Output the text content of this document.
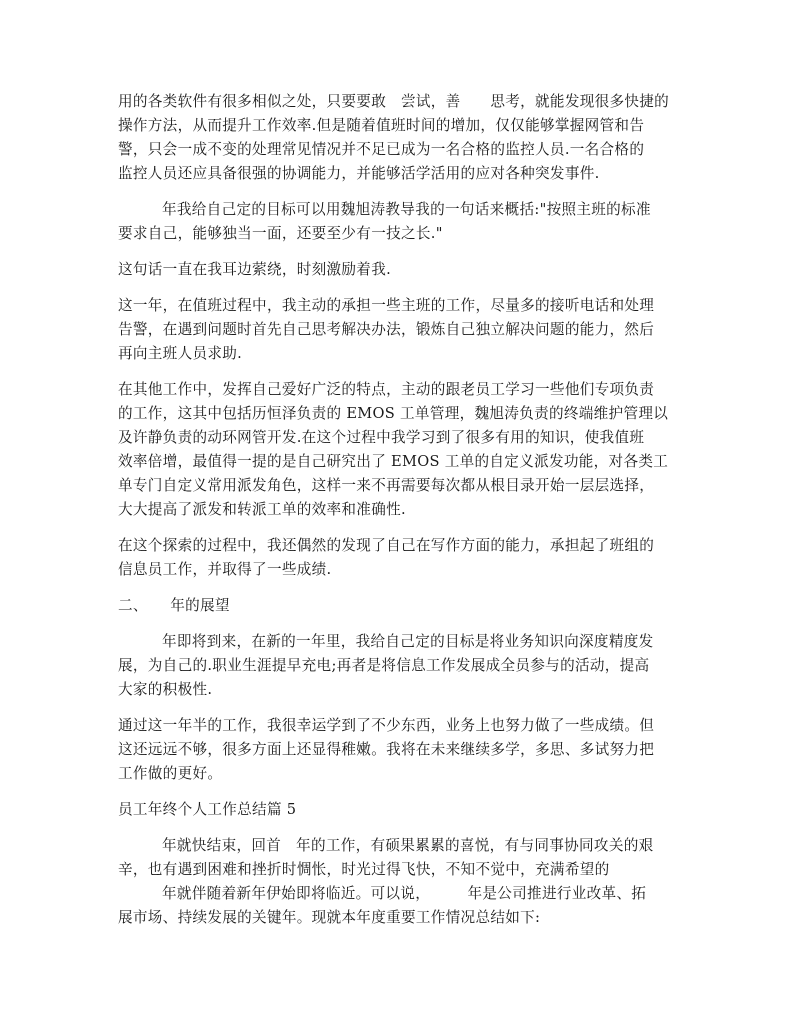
用的各类软件有很多相似之处，只要要敢　尝试，善　　思考，就能发现很多快捷的
操作方法，从而提升工作效率.但是随着值班时间的增加，仅仅能够掌握网管和告
警，只会一成不变的处理常见情况并不足已成为一名合格的监控人员.一名合格的
监控人员还应具备很强的协调能力，并能够活学活用的应对各种突发事件.
年我给自己定的目标可以用魏旭涛教导我的一句话来概括:"按照主班的标准
要求自己，能够独当一面，还要至少有一技之长."
这句话一直在我耳边萦绕，时刻激励着我.
这一年，在值班过程中，我主动的承担一些主班的工作，尽量多的接听电话和处理
告警，在遇到问题时首先自己思考解决办法，锻炼自己独立解决问题的能力，然后
再向主班人员求助.
在其他工作中，发挥自己爱好广泛的特点，主动的跟老员工学习一些他们专项负责
的工作，这其中包括历恒泽负责的 EMOS 工单管理，魏旭涛负责的终端维护管理以
及许静负责的动环网管开发.在这个过程中我学习到了很多有用的知识，使我值班
效率倍增，最值得一提的是自己研究出了 EMOS 工单的自定义派发功能，对各类工
单专门自定义常用派发角色，这样一来不再需要每次都从根目录开始一层层选择，
大大提高了派发和转派工单的效率和准确性.
在这个探索的过程中，我还偶然的发现了自己在写作方面的能力，承担起了班组的
信息员工作，并取得了一些成绩.
二、　　年的展望
年即将到来，在新的一年里，我给自己定的目标是将业务知识向深度精度发
展，为自己的.职业生涯提早充电;再者是将信息工作发展成全员参与的活动，提高
大家的积极性.
通过这一年半的工作，我很幸运学到了不少东西，业务上也努力做了一些成绩。但
这还远远不够，很多方面上还显得稚嫩。我将在未来继续多学，多思、多试努力把
工作做的更好。
员工年终个人工作总结篇 5
年就快结束，回首　年的工作，有硕果累累的喜悦，有与同事协同攻关的艰
辛，也有遇到困难和挫折时惆怅，时光过得飞快，不知不觉中，充满希望的
年就伴随着新年伊始即将临近。可以说，　　　年是公司推进行业改革、拓
展市场、持续发展的关键年。现就本年度重要工作情况总结如下:
